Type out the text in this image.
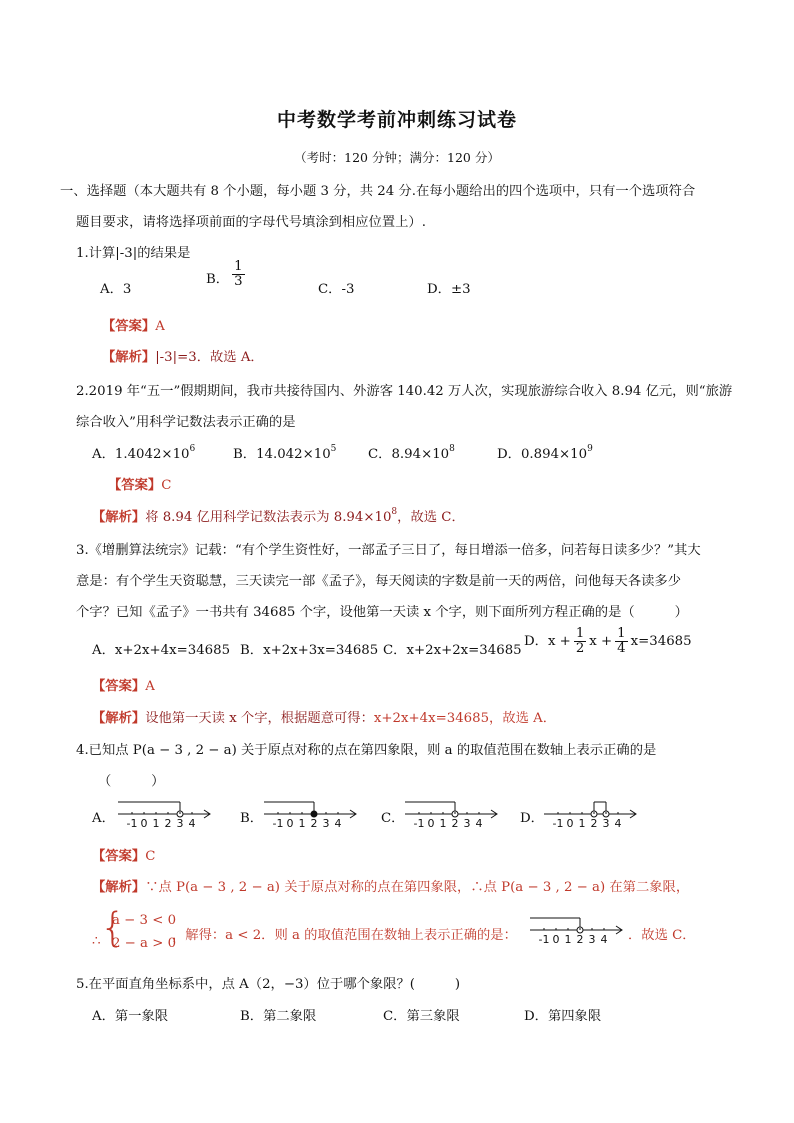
中考数学考前冲刺练习试卷
（考时：120 分钟；满分：120 分）
一、选择题（本大题共有 8 个小题，每小题 3 分，共 24 分.在每小题给出的四个选项中，只有一个选项符合
题目要求，请将选择项前面的字母代号填涂到相应位置上）.
1.计算|-3|的结果是
A．3
B． $\frac{1}{3}$
C．-3	D．±3
【答案】A
【解析】|-3|=3．故选 A．
2.2019 年“五一”假期期间，我市共接待国内、外游客 140.42 万人次，实现旅游综合收入 8.94 亿元，则“旅游
综合收入”用科学记数法表示正确的是
A．$1.4042\times 10^6$	B．$14.042\times 10^5$ C．$8.94\times 10^8$	D．$0.894\times 10^9$
【答案】C
【解析】将 8.94 亿用科学记数法表示为 $8.94\times 10^8$，故选 C．
3.《增删算法统宗》记载：“有个学生资性好，一部孟子三日了，每日增添一倍多，问若每日读多少？”其大
意是：有个学生天资聪慧，三天读完一部《孟子》，每天阅读的字数是前一天的两倍，问他每天各读多少
个字？已知《孟子》一书共有 34685 个字，设他第一天读 x 个字，则下面所列方程正确的是（　　　）
A．x+2x+4x=34685 B．x+2x+3x=34685 C．x+2x+2x=34685
D．$x + \frac{1}{2}$ $x + \frac{1}{4} x=34685$
【答案】A
【解析】设他第一天读 x 个字，根据题意可得：x+2x+4x=34685，故选 A．
4.已知点 P(a − 3 , 2 − a) 关于原点对称的点在第四象限，则 a 的取值范围在数轴上表示正确的是
（　　　）
A． -1 0 1 2 3 4	B． -1 0 1 2 3 4	C． -1 0 1 2 3 4	D． -1 0 1 2 3 4
【答案】C
【解析】∵点 P(a − 3 , 2 − a) 关于原点对称的点在第四象限，∴点 P(a − 3 , 2 − a) 在第二象限，
∴ {
a − 3 < 0
2 − a > 0
，解得：a < 2．则 a 的取值范围在数轴上表示正确的是： -1 0 1 2 3 4 ．故选 C．
5.在平面直角坐标系中，点 A（2，−3）位于哪个象限？(　　　)
A．第一象限	B．第二象限	C．第三象限	D．第四象限
